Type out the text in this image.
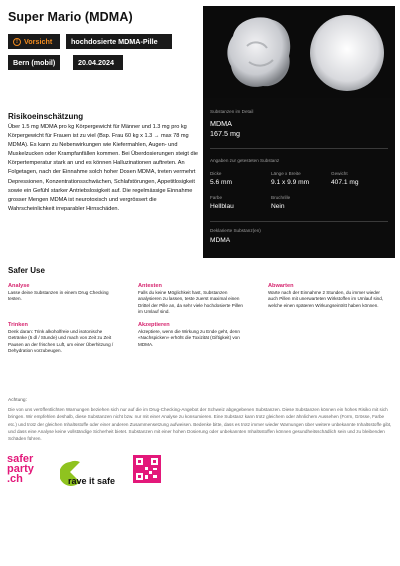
Super Mario (MDMA)
! Vorsicht	hochdosierte MDMA-Pille
Bern (mobil)	20.04.2024
Substanzen im Detail
MDMA
167.5 mg
Angaben zur getesteten Substanz
Dicke
5.6 mm
Länge x Breite
9.1 x 9.9 mm
Gewicht
407.1 mg
Farbe
Hellblau
Bruchrille
Nein
Deklarierte Substanz(en)
MDMA
Risikoeinschätzung
Über 1.5 mg MDMA pro kg Körpergewicht für Männer und 1.3 mg pro kg Körpergewicht für Frauen ist zu viel (Bsp. Frau 60 kg x 1.3 → max 78 mg MDMA). Es kann zu Nebenwirkungen wie Kiefermahlen, Augen- und Muskelzucken oder Krampfanfällen kommen. Bei Überdosierungen steigt die Körpertemperatur stark an und es können Halluzinationen auftreten. An Folgetagen, nach der Einnahme solch hoher Dosen MDMA, treten vermehrt Depressionen, Konzentrationsschwächen, Schlafstörungen, Appetitlosigkeit sowie ein Gefühl starker Antriebslosigkeit auf. Die regelmässige Einnahme grosser Mengen MDMA ist neurotoxisch und vergrössert die Wahrscheinlichkeit irreparabler Hirnschäden.
Safer Use
Analyse

Lasse deine Substanzen in einem Drug Checking testen.

Antesten

Falls du keine Möglichkeit hast, Substanzen analysieren zu lassen, teste zuerst maximal einen Drittel der Pille an, da sehr viele hochdosierte Pillen im Umlauf sind.

Abwarten

Warte nach der Einnahme 2 Stunden, du immer wieder auch Pillen mit unerwarteten Wirkstoffen im Umlauf sind, welche einen späteren Wirkungseintritt haben können.

Trinken

Denk daran: Trink alkoholfreie und isotonische Getränke (5 dl / Stunde) und mach von Zeit zu Zeit Pausen an der frischen Luft, um einer Überhitzung / Dehydration vorzubeugen.

Akzeptieren

Akzeptiere, wenn die Wirkung zu Ende geht, denn «Nachspicken» erhöht die Toxizität (Giftigkeit) von MDMA.

Achtung:

Die von uns veröffentlichten Warnungen beziehen sich nur auf die im Drug-Checking-Angebot der Schweiz abgegebenen Substanzen. Diese Substanzen können ein hohes Risiko mit sich bringen. Wir empfehlen deshalb, diese Substanzen nicht bzw. nur mit einer Analyse zu konsumieren. Eine Substanz kann trotz gleichem oder ähnlichem Aussehen (Form, Grösse, Farbe etc.) und trotz der gleichen Inhaltsstoffe oder einer anderen Zusammensetzung aufweisen. Bedenke bitte, dass es trotz immer wieder Warnungen über weitere unbekannte Inhaltsstoffe gibt, und dass eine Analyse keine vollständige Sicherheit bietet. Substanzen mit einer hohen Dosierung oder unbekannten Inhaltsstoffen können gesundheitsschädlich sein und zu bleibenden Schäden führen.

safer
party
.ch	rave it safe
